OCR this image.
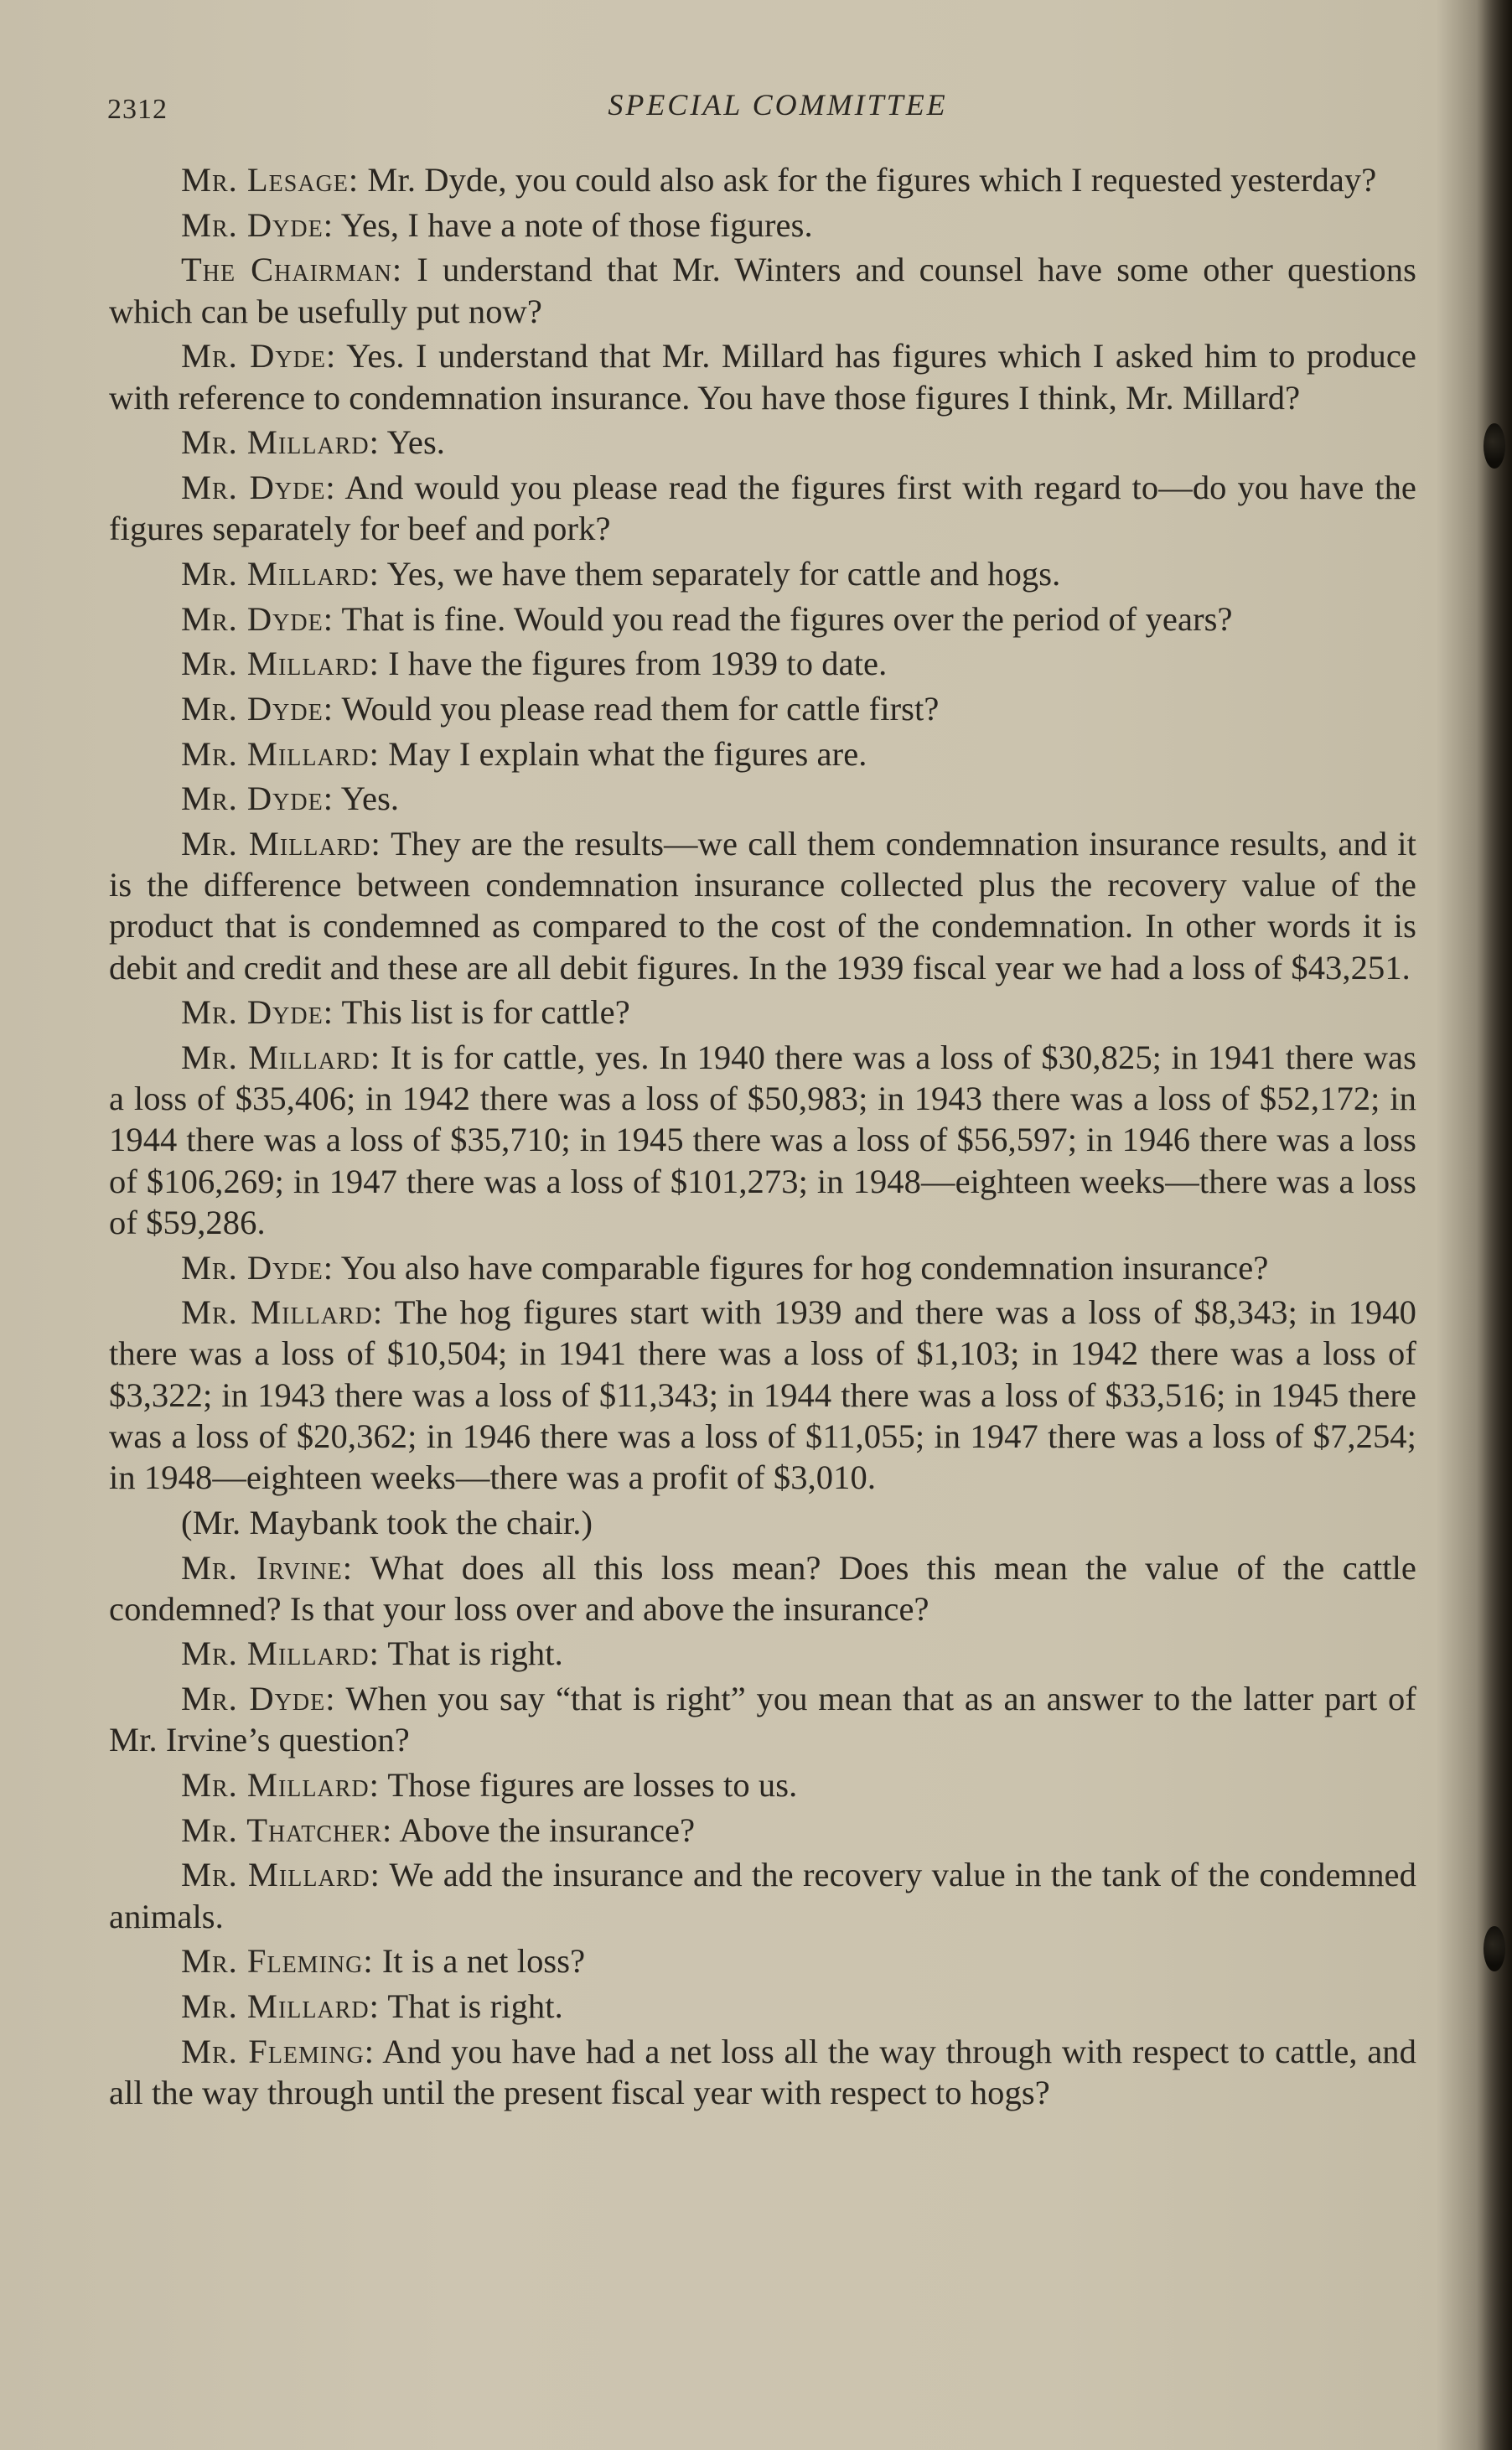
2312	SPECIAL COMMITTEE

Mr. Lesage: Mr. Dyde, you could also ask for the figures which I requested yesterday?

Mr. Dyde: Yes, I have a note of those figures.

The Chairman: I understand that Mr. Winters and counsel have some other questions which can be usefully put now?

Mr. Dyde: Yes. I understand that Mr. Millard has figures which I asked him to produce with reference to condemnation insurance. You have those figures I think, Mr. Millard?

Mr. Millard: Yes.

Mr. Dyde: And would you please read the figures first with regard to—do you have the figures separately for beef and pork?

Mr. Millard: Yes, we have them separately for cattle and hogs.

Mr. Dyde: That is fine. Would you read the figures over the period of years?

Mr. Millard: I have the figures from 1939 to date.

Mr. Dyde: Would you please read them for cattle first?

Mr. Millard: May I explain what the figures are.

Mr. Dyde: Yes.

Mr. Millard: They are the results—we call them condemnation insurance results, and it is the difference between condemnation insurance collected plus the recovery value of the product that is condemned as compared to the cost of the condemnation. In other words it is debit and credit and these are all debit figures. In the 1939 fiscal year we had a loss of $43,251.

Mr. Dyde: This list is for cattle?

Mr. Millard: It is for cattle, yes. In 1940 there was a loss of $30,825; in 1941 there was a loss of $35,406; in 1942 there was a loss of $50,983; in 1943 there was a loss of $52,172; in 1944 there was a loss of $35,710; in 1945 there was a loss of $56,597; in 1946 there was a loss of $106,269; in 1947 there was a loss of $101,273; in 1948—eighteen weeks—there was a loss of $59,286.

Mr. Dyde: You also have comparable figures for hog condemnation insurance?

Mr. Millard: The hog figures start with 1939 and there was a loss of $8,343; in 1940 there was a loss of $10,504; in 1941 there was a loss of $1,103; in 1942 there was a loss of $3,322; in 1943 there was a loss of $11,343; in 1944 there was a loss of $33,516; in 1945 there was a loss of $20,362; in 1946 there was a loss of $11,055; in 1947 there was a loss of $7,254; in 1948—eighteen weeks—there was a profit of $3,010.

(Mr. Maybank took the chair.)

Mr. Irvine: What does all this loss mean? Does this mean the value of the cattle condemned? Is that your loss over and above the insurance?

Mr. Millard: That is right.

Mr. Dyde: When you say “that is right” you mean that as an answer to the latter part of Mr. Irvine’s question?

Mr. Millard: Those figures are losses to us.

Mr. Thatcher: Above the insurance?

Mr. Millard: We add the insurance and the recovery value in the tank of the condemned animals.

Mr. Fleming: It is a net loss?

Mr. Millard: That is right.

Mr. Fleming: And you have had a net loss all the way through with respect to cattle, and all the way through until the present fiscal year with respect to hogs?
